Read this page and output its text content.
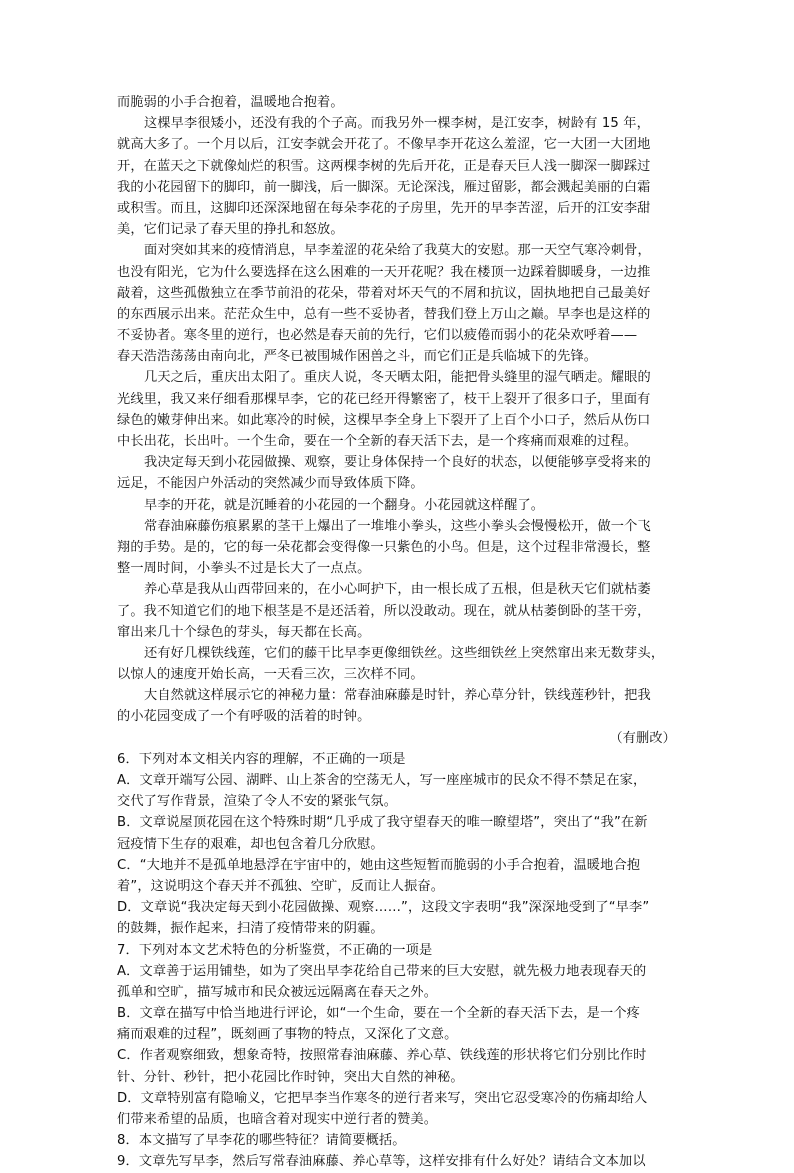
而脆弱的小手合抱着，温暖地合抱着。
这棵早李很矮小，还没有我的个子高。而我另外一棵李树，是江安李，树龄有 15 年，
就高大多了。一个月以后，江安李就会开花了。不像早李开花这么羞涩，它一大团一大团地
开，在蓝天之下就像灿烂的积雪。这两棵李树的先后开花，正是春天巨人浅一脚深一脚踩过
我的小花园留下的脚印，前一脚浅，后一脚深。无论深浅，雁过留影，都会溅起美丽的白霜
或积雪。而且，这脚印还深深地留在每朵李花的子房里，先开的早李苦涩，后开的江安李甜
美，它们记录了春天里的挣扎和怒放。
面对突如其来的疫情消息，早李羞涩的花朵给了我莫大的安慰。那一天空气寒冷刺骨，
也没有阳光，它为什么要选择在这么困难的一天开花呢？我在楼顶一边踩着脚暖身，一边推
敲着，这些孤傲独立在季节前沿的花朵，带着对坏天气的不屑和抗议，固执地把自己最美好
的东西展示出来。茫茫众生中，总有一些不妥协者，替我们登上万山之巅。早李也是这样的
不妥协者。寒冬里的逆行，也必然是春天前的先行，它们以疲倦而弱小的花朵欢呼着——
春天浩浩荡荡由南向北，严冬已被围城作困兽之斗，而它们正是兵临城下的先锋。
几天之后，重庆出太阳了。重庆人说，冬天晒太阳，能把骨头缝里的湿气晒走。耀眼的
光线里，我又来仔细看那棵早李，它的花已经开得繁密了，枝干上裂开了很多口子，里面有
绿色的嫩芽伸出来。如此寒冷的时候，这棵早李全身上下裂开了上百个小口子，然后从伤口
中长出花，长出叶。一个生命，要在一个全新的春天活下去，是一个疼痛而艰难的过程。
我决定每天到小花园做操、观察，要让身体保持一个良好的状态，以便能够享受将来的
远足，不能因户外活动的突然减少而导致体质下降。
早李的开花，就是沉睡着的小花园的一个翻身。小花园就这样醒了。
常春油麻藤伤痕累累的茎干上爆出了一堆堆小拳头，这些小拳头会慢慢松开，做一个飞
翔的手势。是的，它的每一朵花都会变得像一只紫色的小鸟。但是，这个过程非常漫长，整
整一周时间，小拳头不过是长大了一点点。
养心草是我从山西带回来的，在小心呵护下，由一根长成了五根，但是秋天它们就枯萎
了。我不知道它们的地下根茎是不是还活着，所以没敢动。现在，就从枯萎倒卧的茎干旁，
窜出来几十个绿色的芽头，每天都在长高。
还有好几棵铁线莲，它们的藤干比早李更像细铁丝。这些细铁丝上突然窜出来无数芽头，
以惊人的速度开始长高，一天看三次，三次样不同。
大自然就这样展示它的神秘力量：常春油麻藤是时针，养心草分针，铁线莲秒针，把我
的小花园变成了一个有呼吸的活着的时钟。
（有删改）
6．下列对本文相关内容的理解，不正确的一项是
A．文章开端写公园、湖畔、山上茶舍的空荡无人，写一座座城市的民众不得不禁足在家，
交代了写作背景，渲染了令人不安的紧张气氛。
B．文章说屋顶花园在这个特殊时期“几乎成了我守望春天的唯一瞭望塔”，突出了“我”在新
冠疫情下生存的艰难，却也包含着几分欣慰。
C．“大地并不是孤单地悬浮在宇宙中的，她由这些短暂而脆弱的小手合抱着，温暖地合抱
着”，这说明这个春天并不孤独、空旷，反而让人振奋。
D．文章说“我决定每天到小花园做操、观察……”，这段文字表明“我”深深地受到了“早李”
的鼓舞，振作起来，扫清了疫情带来的阴霾。
7．下列对本文艺术特色的分析鉴赏，不正确的一项是
A．文章善于运用铺垫，如为了突出早李花给自己带来的巨大安慰，就先极力地表现春天的
孤单和空旷，描写城市和民众被远远隔离在春天之外。
B．文章在描写中恰当地进行评论，如“一个生命，要在一个全新的春天活下去，是一个疼
痛而艰难的过程”，既刻画了事物的特点，又深化了文意。
C．作者观察细致，想象奇特，按照常春油麻藤、养心草、铁线莲的形状将它们分别比作时
针、分针、秒针，把小花园比作时钟，突出大自然的神秘。
D．文章特别富有隐喻义，它把早李当作寒冬的逆行者来写，突出它忍受寒冷的伤痛却给人
们带来希望的品质，也暗含着对现实中逆行者的赞美。
8．本文描写了早李花的哪些特征？请简要概括。
9．文章先写早李，然后写常春油麻藤、养心草等，这样安排有什么好处？请结合文本加以
